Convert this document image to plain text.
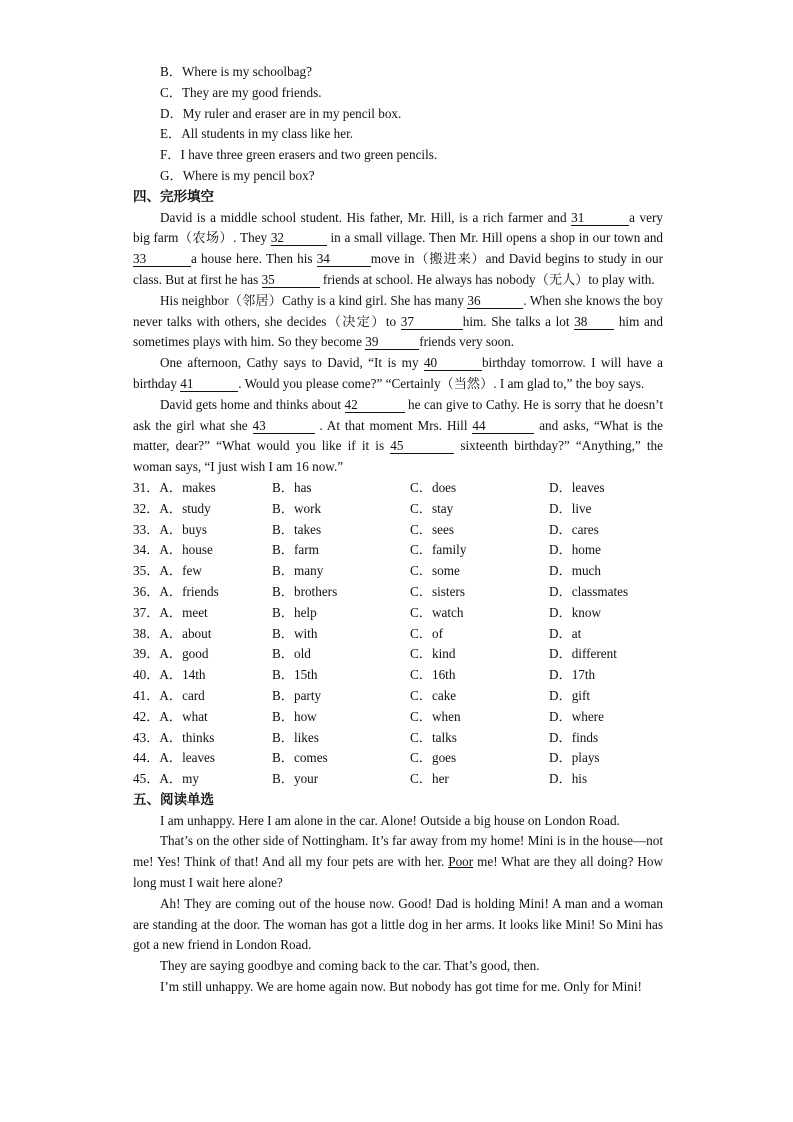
B．Where is my schoolbag?
C．They are my good friends.
D．My ruler and eraser are in my pencil box.
E．All students in my class like her.
F．I have three green erasers and two green pencils.
G．Where is my pencil box?
四、完形填空

David is a middle school student. His father, Mr. Hill, is a rich farmer and 31	a very big farm（农场）. They 32	in a small village. Then Mr. Hill opens a shop in our town and 33	a house here. Then his 34	move in（搬进来）and David begins to study in our class. But at first he has 35	friends at school. He always has nobody（无人）to play with.

His neighbor（邻居）Cathy is a kind girl. She has many 36	. When she knows the boy never talks with others, she decides（决定）to 37	him. She talks a lot 38 him and sometimes plays with him. So they become 39	friends very soon.

One afternoon, Cathy says to David, “It is my 40	birthday tomorrow. I will have a birthday 41	. Would you please come?” “Certainly（当然）. I am glad to,” the boy says.

David gets home and thinks about 42	he can give to Cathy. He is sorry that he doesn’t ask the girl what she 43	. At that moment Mrs. Hill 44	and asks, “What is the matter, dear?” “What would you like if it is 45	sixteenth birthday?” “Anything,” the woman says, “I just wish I am 16 now.”

31．A．makes	B．has	C．does	D．leaves
32．A．study	B．work	C．stay	D．live
33．A．buys	B．takes	C．sees	D．cares
34．A．house	B．farm	C．family	D．home
35．A．few	B．many	C．some	D．much
36．A．friends	B．brothers	C．sisters	D．classmates
37．A．meet	B．help	C．watch	D．know
38．A．about	B．with	C．of	D．at
39．A．good	B．old	C．kind	D．different
40．A．14th	B．15th	C．16th	D．17th
41．A．card	B．party	C．cake	D．gift
42．A．what	B．how	C．when	D．where
43．A．thinks	B．likes	C．talks	D．finds
44．A．leaves	B．comes	C．goes	D．plays
45．A．my	B．your	C．her	D．his
五、阅读单选

I am unhappy. Here I am alone in the car. Alone! Outside a big house on London Road.

That’s on the other side of Nottingham. It’s far away from my home! Mini is in the house—not me! Yes! Think of that! And all my four pets are with her. Poor me! What are they all doing? How long must I wait here alone?

Ah! They are coming out of the house now. Good! Dad is holding Mini! A man and a woman are standing at the door. The woman has got a little dog in her arms. It looks like Mini! So Mini has got a new friend in London Road.

They are saying goodbye and coming back to the car. That’s good, then.

I’m still unhappy. We are home again now. But nobody has got time for me. Only for Mini!
